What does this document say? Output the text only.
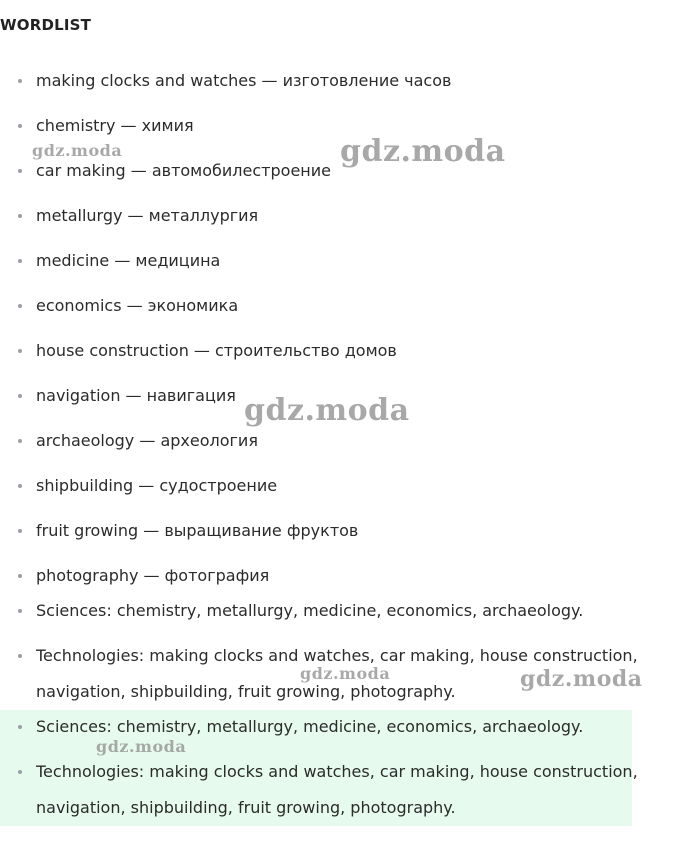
WORDLIST
making clocks and watches — изготовление часов
chemistry — химия
car making — автомобилестроение
metallurgy — металлургия
medicine — медицина
economics — экономика
house construction — строительство домов
navigation — навигация
archaeology — археология
shipbuilding — судостроение
fruit growing — выращивание фруктов
photography — фотография
Sciences: chemistry, metallurgy, medicine, economics, archaeology.
Technologies: making clocks and watches, car making, house construction, navigation, shipbuilding, fruit growing, photography.
Sciences: chemistry, metallurgy, medicine, economics, archaeology.
Technologies: making clocks and watches, car making, house construction, navigation, shipbuilding, fruit growing, photography.
gdz.moda	gdz.moda
gdz.moda
gdz.moda	gdz.moda
gdz.moda
